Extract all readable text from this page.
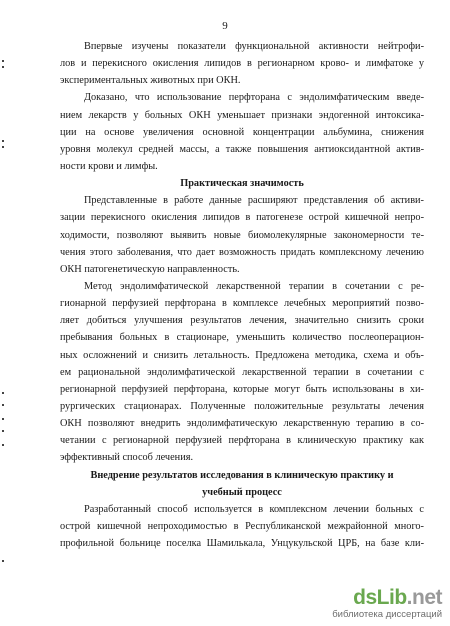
9
Впервые изучены показатели функциональной активности нейтрофи-
лов и перекисного окисления липидов в регионарном крово- и лимфатоке у
экспериментальных животных при ОКН.
Доказано, что использование перфторана с эндолимфатическим введе-
нием лекарств у больных ОКН уменьшает признаки эндогенной интоксика-
ции на основе увеличения основной концентрации альбумина, снижения
уровня молекул средней массы, а также повышения антиоксидантной актив-
ности крови и лимфы.
Практическая значимость
Представленные в работе данные расширяют представления об активи-
зации перекисного окисления липидов в патогенезе острой кишечной непро-
ходимости, позволяют выявить новые биомолекулярные закономерности те-
чения этого заболевания, что дает возможность придать комплексному лечению
ОКН патогенетическую направленность.
Метод эндолимфатической лекарственной терапии в сочетании с ре-
гионарной перфузией перфторана в комплексе лечебных мероприятий позво-
ляет добиться улучшения результатов лечения, значительно снизить сроки
пребывания больных в стационаре, уменьшить количество послеоперацион-
ных осложнений и снизить летальность. Предложена методика, схема и объ-
ем рациональной эндолимфатической лекарственной терапии в сочетании с
регионарной перфузией перфторана, которые могут быть использованы в хи-
рургических стационарах. Полученные положительные результаты лечения
ОКН позволяют внедрить эндолимфатическую лекарственную терапию в со-
четании с регионарной перфузией перфторана в клиническую практику как
эффективный способ лечения.
Внедрение результатов исследования в клиническую практику и
учебный процесс
Разработанный способ используется в комплексном лечении больных с
острой кишечной непроходимостью в Республиканской межрайонной много-
профильной больнице поселка Шамилькала, Унцукульской ЦРБ, на базе кли-
dsLib.net
библиотека диссертаций
